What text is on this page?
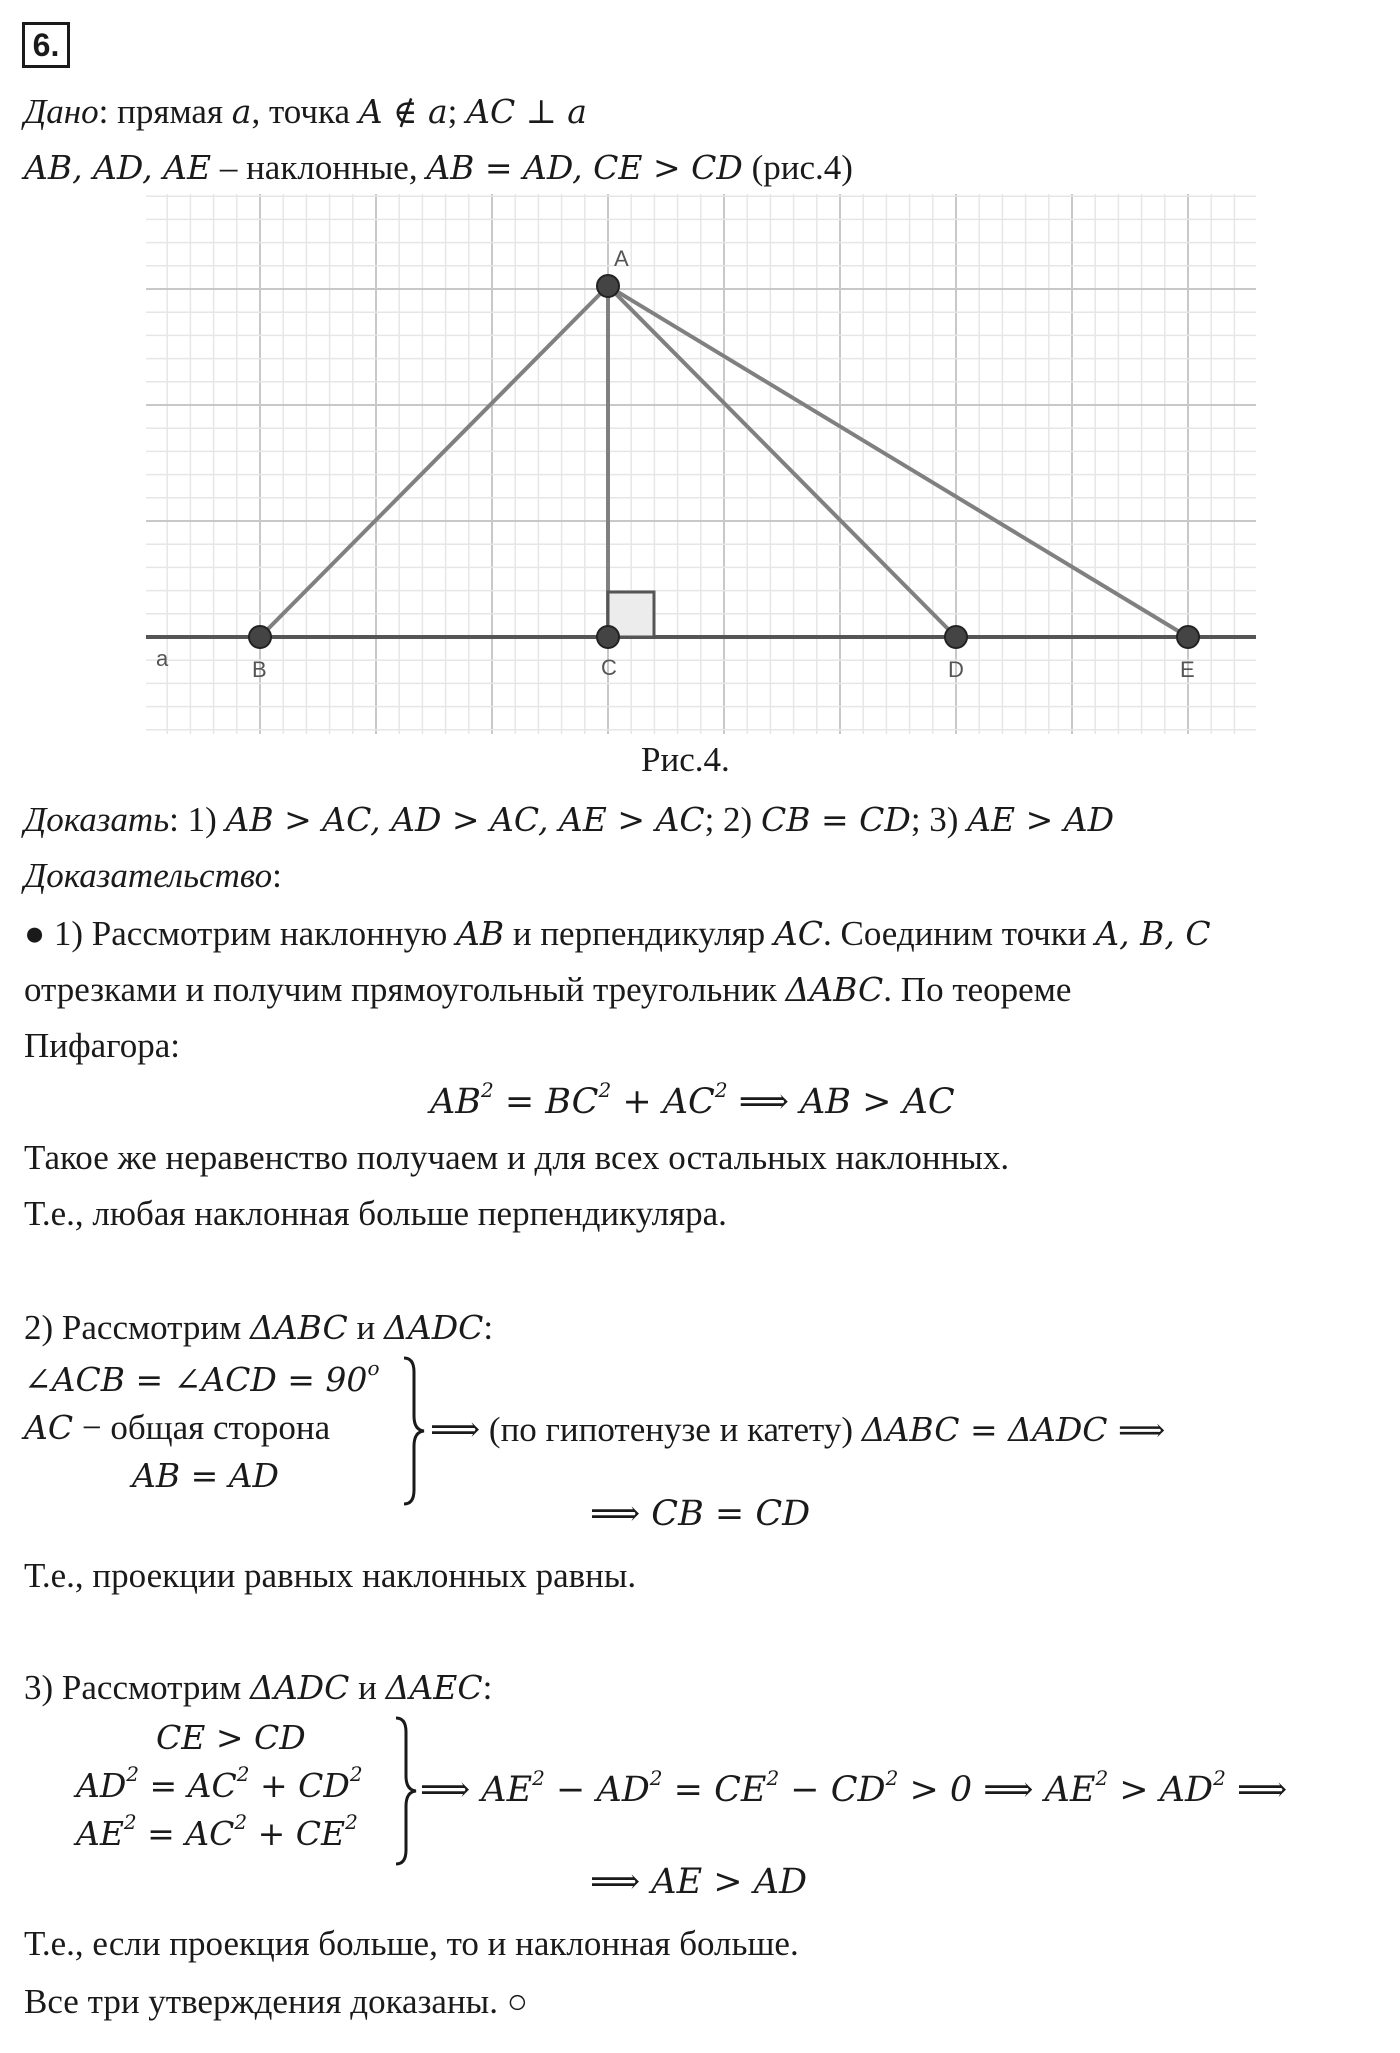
6.
Дано: прямая a, точка A ∉ a; AC ⊥ a
AB, AD, AE – наклонные, AB = AD, CE > CD (рис.4)
A
B	C	D	E
a
Рис.4.
Доказать: 1) AB > AC, AD > AC, AE > AC; 2) CB = CD; 3) AE > AD
Доказательство:
● 1) Рассмотрим наклонную AB и перпендикуляр AC. Соединим точки A, B, C
отрезками и получим прямоугольный треугольник ΔABC. По теореме
Пифагора:
$AB^2 = BC^2 + AC^2$ ⟹ AB > AC
Такое же неравенство получаем и для всех остальных наклонных.
Т.е., любая наклонная больше перпендикуляра.
2) Рассмотрим ΔABC и ΔADC:
∠ACB = ∠ACD = $90^o$
AC − общая сторона
AB = AD
⟹ (по гипотенузе и катету) ΔABC = ΔADC ⟹
⟹ CB = CD
Т.е., проекции равных наклонных равны.
3) Рассмотрим ΔADC и ΔAEC:
CE > CD
$AD^2 = AC^2 + CD^2$
$AE^2 = AC^2 + CE^2$
⟹ $AE^2 - AD^2 = CE^2 - CD^2 > 0$ ⟹ $AE^2 > AD^2$ ⟹
⟹ AE > AD
Т.е., если проекция больше, то и наклонная больше.
Все три утверждения доказаны. ○
